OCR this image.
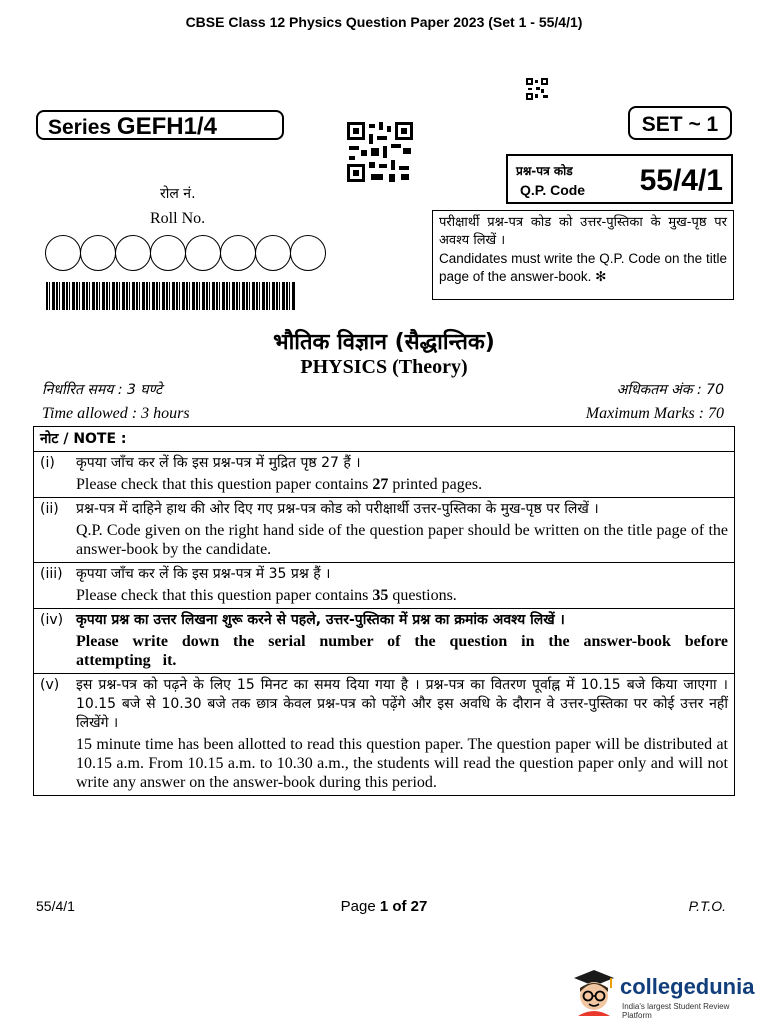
CBSE Class 12 Physics Question Paper 2023 (Set 1 - 55/4/1)
Series GEFH1/4	SET ~ 1
प्रश्न-पत्र कोड
Q.P. Code 55/4/1
रोल नं.
Roll No.	परीक्षार्थी प्रश्न-पत्र कोड को उत्तर-पुस्तिका के मुख-पृष्ठ पर अवश्य लिखें ।
Candidates must write the Q.P. Code on the title page of the answer-book. ✻
भौतिक विज्ञान (सैद्धान्तिक)
PHYSICS (Theory)
निर्धारित समय : 3 घण्टे	अधिकतम अंक : 70
Time allowed : 3 hours	Maximum Marks : 70
नोट / NOTE :
(i) कृपया जाँच कर लें कि इस प्रश्न-पत्र में मुद्रित पृष्ठ 27 हैं ।
Please check that this question paper contains 27 printed pages.
(ii) प्रश्न-पत्र में दाहिने हाथ की ओर दिए गए प्रश्न-पत्र कोड को परीक्षार्थी उत्तर-पुस्तिका के मुख-पृष्ठ पर लिखें ।
Q.P. Code given on the right hand side of the question paper should be written on the title page of the answer-book by the candidate.
(iii) कृपया जाँच कर लें कि इस प्रश्न-पत्र में 35 प्रश्न हैं ।
Please check that this question paper contains 35 questions.
(iv) कृपया प्रश्न का उत्तर लिखना शुरू करने से पहले, उत्तर-पुस्तिका में प्रश्न का क्रमांक अवश्य लिखें ।
Please write down the serial number of the question in the answer-book before attempting it.
(v) इस प्रश्न-पत्र को पढ़ने के लिए 15 मिनट का समय दिया गया है । प्रश्न-पत्र का वितरण पूर्वाह्न में 10.15 बजे किया जाएगा । 10.15 बजे से 10.30 बजे तक छात्र केवल प्रश्न-पत्र को पढ़ेंगे और इस अवधि के दौरान वे उत्तर-पुस्तिका पर कोई उत्तर नहीं लिखेंगे ।
15 minute time has been allotted to read this question paper. The question paper will be distributed at 10.15 a.m. From 10.15 a.m. to 10.30 a.m., the students will read the question paper only and will not write any answer on the answer-book during this period.
55/4/1	Page 1 of 27	P.T.O.
collegedunia
India's largest Student Review Platform
